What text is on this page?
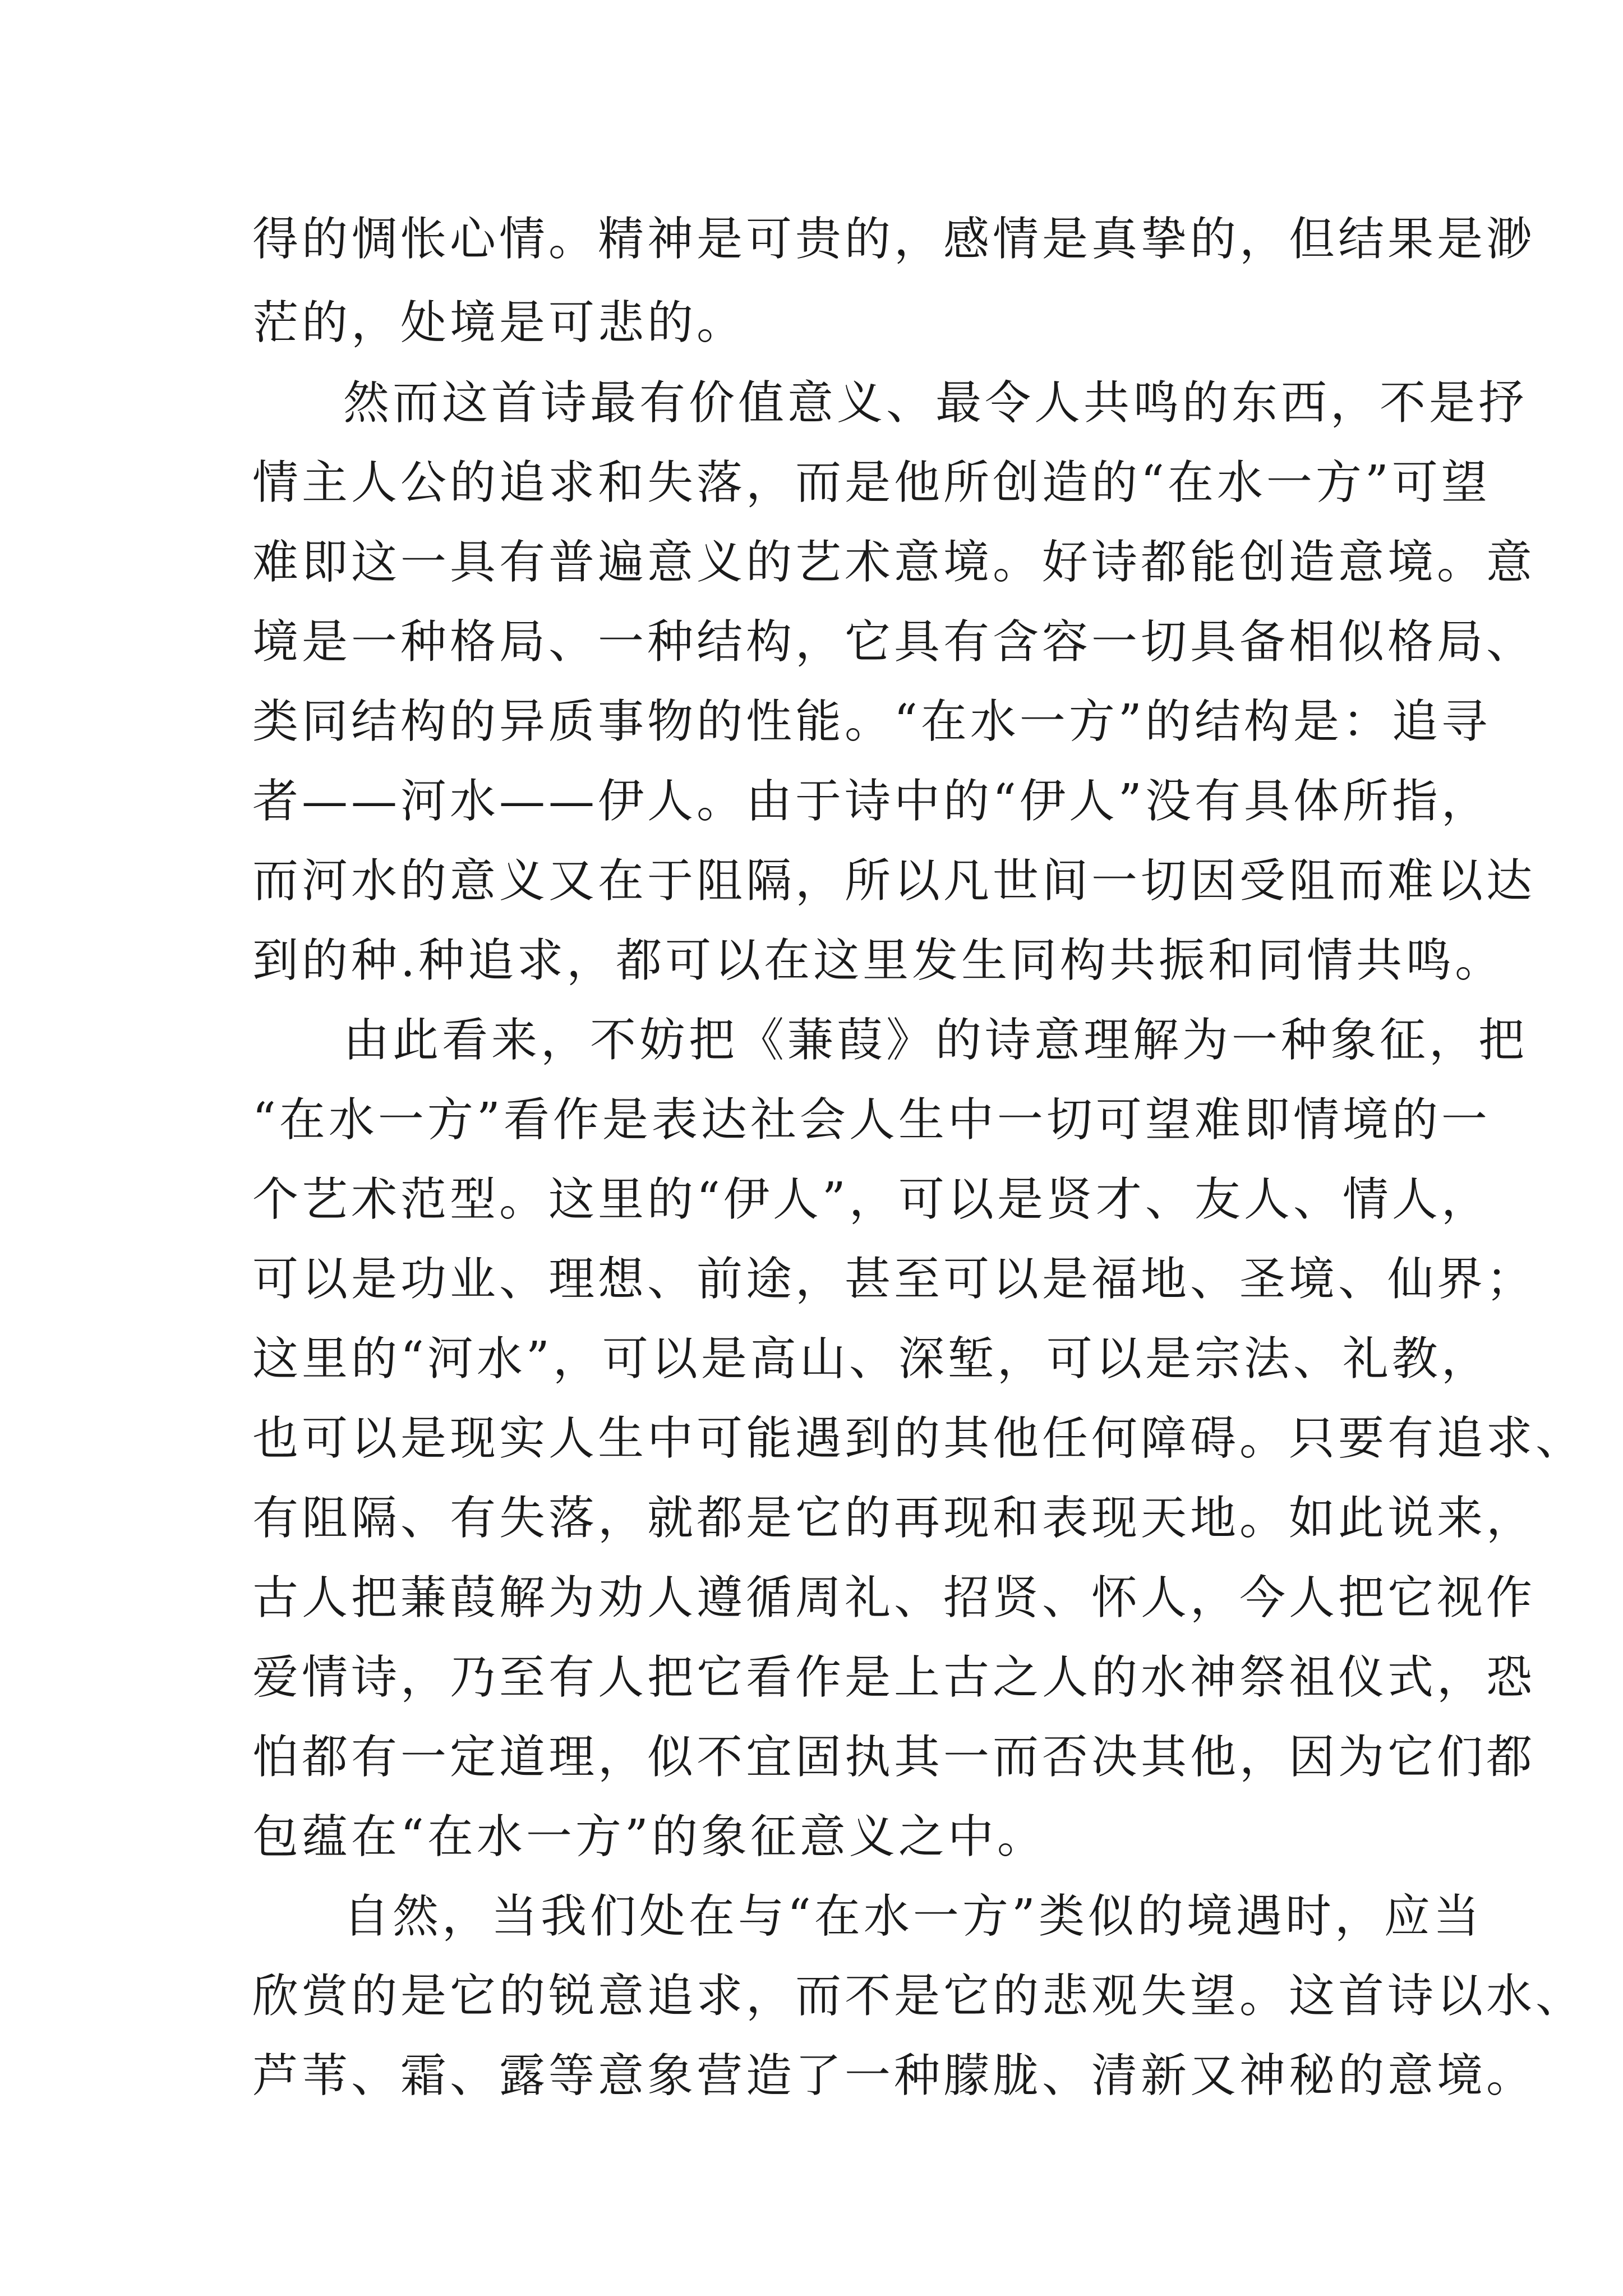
得的惆怅心情。精神是可贵的，感情是真挚的，但结果是渺
茫的，处境是可悲的。
然而这首诗最有价值意义、最令人共鸣的东西，不是抒
情主人公的追求和失落，而是他所创造的“在水一方”可望
难即这一具有普遍意义的艺术意境。好诗都能创造意境。意
境是一种格局、一种结构，它具有含容一切具备相似格局、
类同结构的异质事物的性能。“在水一方”的结构是：追寻
者——河水——伊人。由于诗中的“伊人”没有具体所指，
而河水的意义又在于阻隔，所以凡世间一切因受阻而难以达
到的种.种追求，都可以在这里发生同构共振和同情共鸣。
由此看来，不妨把《蒹葭》的诗意理解为一种象征，把
“在水一方”看作是表达社会人生中一切可望难即情境的一
个艺术范型。这里的“伊人”，可以是贤才、友人、情人，
可以是功业、理想、前途，甚至可以是福地、圣境、仙界；
这里的“河水”，可以是高山、深堑，可以是宗法、礼教，
也可以是现实人生中可能遇到的其他任何障碍。只要有追求、
有阻隔、有失落，就都是它的再现和表现天地。如此说来，
古人把蒹葭解为劝人遵循周礼、招贤、怀人，今人把它视作
爱情诗，乃至有人把它看作是上古之人的水神祭祖仪式，恐
怕都有一定道理，似不宜固执其一而否决其他，因为它们都
包蕴在“在水一方”的象征意义之中。
自然，当我们处在与“在水一方”类似的境遇时，应当
欣赏的是它的锐意追求，而不是它的悲观失望。这首诗以水、
芦苇、霜、露等意象营造了一种朦胧、清新又神秘的意境。
